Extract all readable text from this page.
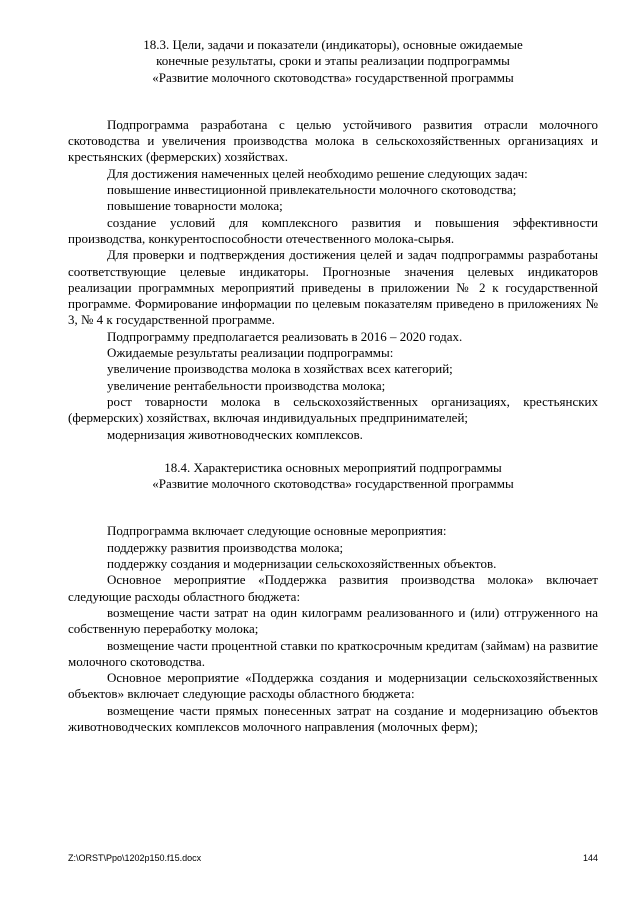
18.3. Цели, задачи и показатели (индикаторы), основные ожидаемые
конечные результаты, сроки и этапы реализации подпрограммы
«Развитие молочного скотоводства» государственной программы

Подпрограмма разработана с целью устойчивого развития отрасли молочного скотоводства и увеличения производства молока в сельскохозяйственных организациях и крестьянских (фермерских) хозяйствах.

Для достижения намеченных целей необходимо решение следующих задач:

повышение инвестиционной привлекательности молочного скотоводства;

повышение товарности молока;

создание условий для комплексного развития и повышения эффективности производства, конкурентоспособности отечественного молока-сырья.

Для проверки и подтверждения достижения целей и задач подпрограммы разработаны соответствующие целевые индикаторы. Прогнозные значения целевых индикаторов реализации программных мероприятий приведены в приложении № 2 к государственной программе. Формирование информации по целевым показателям приведено в приложениях № 3, № 4 к государственной программе.

Подпрограмму предполагается реализовать в 2016 – 2020 годах.

Ожидаемые результаты реализации подпрограммы:

увеличение производства молока в хозяйствах всех категорий;

увеличение рентабельности производства молока;

рост товарности молока в сельскохозяйственных организациях, крестьянских (фермерских) хозяйствах, включая индивидуальных предпринимателей;

модернизация животноводческих комплексов.

18.4. Характеристика основных мероприятий подпрограммы
«Развитие молочного скотоводства» государственной программы

Подпрограмма включает следующие основные мероприятия:

поддержку развития производства молока;

поддержку создания и модернизации сельскохозяйственных объектов.

Основное мероприятие «Поддержка развития производства молока» включает следующие расходы областного бюджета:

возмещение части затрат на один килограмм реализованного и (или) отгруженного на собственную переработку молока;

возмещение части процентной ставки по краткосрочным кредитам (займам) на развитие молочного скотоводства.

Основное мероприятие «Поддержка создания и модернизации сельскохозяйственных объектов» включает следующие расходы областного бюджета:

возмещение части прямых понесенных затрат на создание и модернизацию объектов животноводческих комплексов молочного направления (молочных ферм);

Z:\ORST\Ppo\1202p150.f15.docx	144
